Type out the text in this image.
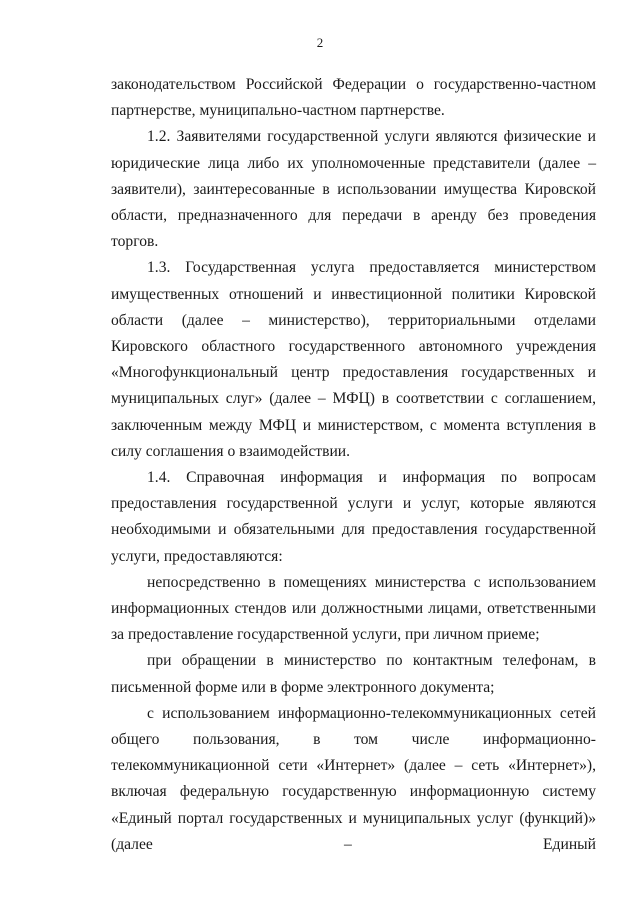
2

законодательством Российской Федерации о государственно-частном партнерстве, муниципально-частном партнерстве.

1.2. Заявителями государственной услуги являются физические и юридические лица либо их уполномоченные представители (далее – заявители), заинтересованные в использовании имущества Кировской области, предназначенного для передачи в аренду без проведения торгов.

1.3. Государственная услуга предоставляется министерством имущественных отношений и инвестиционной политики Кировской области (далее – министерство), территориальными отделами Кировского областного государственного автономного учреждения «Многофункциональный центр предоставления государственных и муниципальных слуг» (далее – МФЦ) в соответствии с соглашением, заключенным между МФЦ и министерством, с момента вступления в силу соглашения о взаимодействии.

1.4. Справочная информация и информация по вопросам предоставления государственной услуги и услуг, которые являются необходимыми и обязательными для предоставления государственной услуги, предоставляются:

непосредственно в помещениях министерства с использованием информационных стендов или должностными лицами, ответственными за предоставление государственной услуги, при личном приеме;

при обращении в министерство по контактным телефонам, в письменной форме или в форме электронного документа;

с использованием информационно-телекоммуникационных сетей общего пользования, в том числе информационно-телекоммуникационной сети «Интернет» (далее – сеть «Интернет»), включая федеральную государственную информационную систему «Единый портал государственных и муниципальных услуг (функций)» (далее – Единый
